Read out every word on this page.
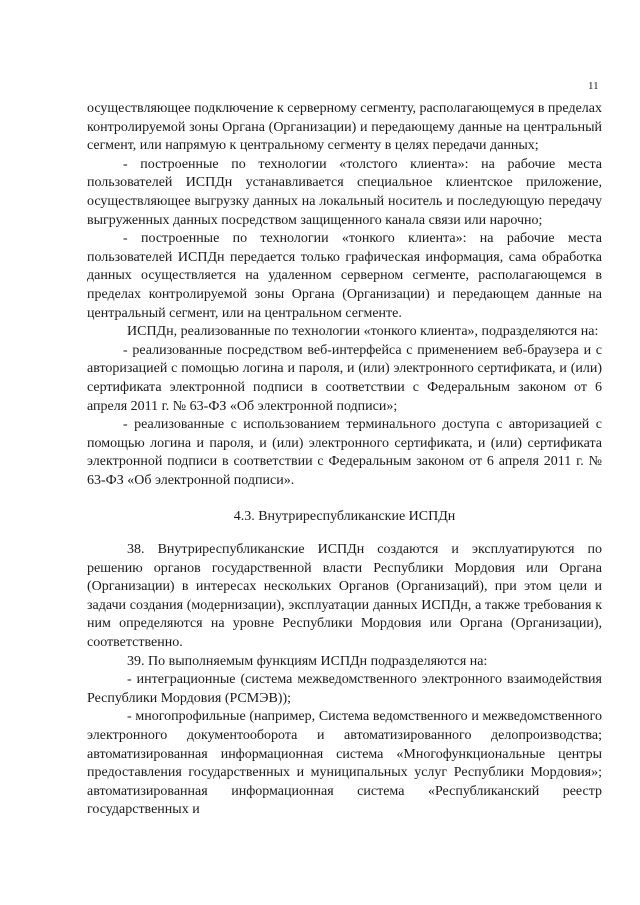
11

осуществляющее подключение к серверному сегменту, располагающемуся в пределах контролируемой зоны Органа (Организации) и передающему данные на центральный сегмент, или напрямую к центральному сегменту в целях передачи данных;

- построенные по технологии «толстого клиента»: на рабочие места пользователей ИСПДн устанавливается специальное клиентское приложение, осуществляющее выгрузку данных на локальный носитель и последующую передачу выгруженных данных посредством защищенного канала связи или нарочно;

- построенные по технологии «тонкого клиента»: на рабочие места пользователей ИСПДн передается только графическая информация, сама обработка данных осуществляется на удаленном серверном сегменте, располагающемся в пределах контролируемой зоны Органа (Организации) и передающем данные на центральный сегмент, или на центральном сегменте.

ИСПДн, реализованные по технологии «тонкого клиента», подразделяются на:

- реализованные посредством веб-интерфейса с применением веб-браузера и с авторизацией с помощью логина и пароля, и (или) электронного сертификата, и (или) сертификата электронной подписи в соответствии с Федеральным законом от 6 апреля 2011 г. № 63-ФЗ «Об электронной подписи»;

- реализованные с использованием терминального доступа с авторизацией с помощью логина и пароля, и (или) электронного сертификата, и (или) сертификата электронной подписи в соответствии с Федеральным законом от 6 апреля 2011 г. № 63-ФЗ «Об электронной подписи».

4.3. Внутриреспубликанские ИСПДн

38. Внутриреспубликанские ИСПДн создаются и эксплуатируются по решению органов государственной власти Республики Мордовия или Органа (Организации) в интересах нескольких Органов (Организаций), при этом цели и задачи создания (модернизации), эксплуатации данных ИСПДн, а также требования к ним определяются на уровне Республики Мордовия или Органа (Организации), соответственно.

39. По выполняемым функциям ИСПДн подразделяются на:

- интеграционные (система межведомственного электронного взаимодействия Республики Мордовия (РСМЭВ));

- многопрофильные (например, Система ведомственного и межведомственного электронного документооборота и автоматизированного делопроизводства; автоматизированная информационная система «Многофункциональные центры предоставления государственных и муниципальных услуг Республики Мордовия»; автоматизированная информационная система «Республиканский реестр государственных и
